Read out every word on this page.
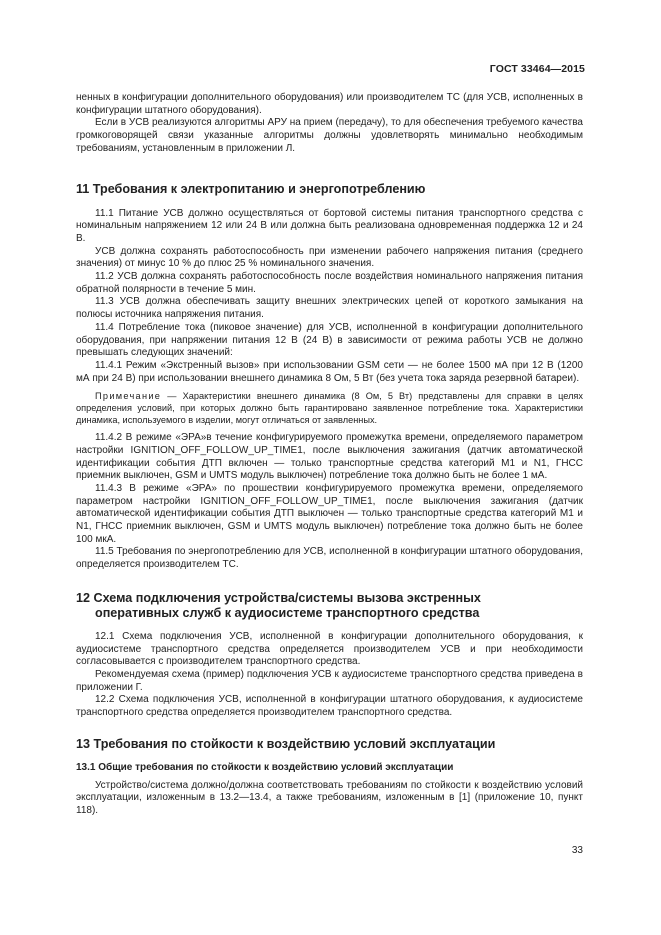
ГОСТ 33464—2015

ненных в конфигурации дополнительного оборудования) или производителем ТС (для УСВ, исполненных в конфигурации штатного оборудования).

Если в УСВ реализуются алгоритмы АРУ на прием (передачу), то для обеспечения требуемого качества громкоговорящей связи указанные алгоритмы должны удовлетворять минимально необходимым требованиям, установленным в приложении Л.

11 Требования к электропитанию и энергопотреблению

11.1 Питание УСВ должно осуществляться от бортовой системы питания транспортного средства с номинальным напряжением 12 или 24 В или должна быть реализована одновременная поддержка 12 и 24 В.

УСВ должна сохранять работоспособность при изменении рабочего напряжения питания (среднего значения) от минус 10 % до плюс 25 % номинального значения.

11.2 УСВ должна сохранять работоспособность после воздействия номинального напряжения питания обратной полярности в течение 5 мин.

11.3 УСВ должна обеспечивать защиту внешних электрических цепей от короткого замыкания на полюсы источника напряжения питания.

11.4 Потребление тока (пиковое значение) для УСВ, исполненной в конфигурации дополнительного оборудования, при напряжении питания 12 В (24 В) в зависимости от режима работы УСВ не должно превышать следующих значений:

11.4.1 Режим «Экстренный вызов» при использовании GSM сети — не более 1500 мА при 12 В (1200 мА при 24 В) при использовании внешнего динамика 8 Ом, 5 Вт (без учета тока заряда резервной батареи).

Примечание — Характеристики внешнего динамика (8 Ом, 5 Вт) представлены для справки в целях определения условий, при которых должно быть гарантировано заявленное потребление тока. Характеристики динамика, используемого в изделии, могут отличаться от заявленных.

11.4.2 В режиме «ЭРА»в течение конфигурируемого промежутка времени, определяемого параметром настройки IGNITION_OFF_FOLLOW_UP_TIME1, после выключения зажигания (датчик автоматической идентификации события ДТП включен — только транспортные средства категорий M1 и N1, ГНСС приемник выключен, GSM и UMTS модуль выключен) потребление тока должно быть не более 1 мА.

11.4.3 В режиме «ЭРА» по прошествии конфигурируемого промежутка времени, определяемого параметром настройки IGNITION_OFF_FOLLOW_UP_TIME1, после выключения зажигания (датчик автоматической идентификации события ДТП выключен — только транспортные средства категорий M1 и N1, ГНСС приемник выключен, GSM и UMTS модуль выключен) потребление тока должно быть не более 100 мкА.

11.5 Требования по энергопотреблению для УСВ, исполненной в конфигурации штатного оборудования, определяется производителем ТС.

12 Схема подключения устройства/системы вызова экстренных
оперативных служб к аудиосистеме транспортного средства

12.1 Схема подключения УСВ, исполненной в конфигурации дополнительного оборудования, к аудиосистеме транспортного средства определяется производителем УСВ и при необходимости согласовывается с производителем транспортного средства.

Рекомендуемая схема (пример) подключения УСВ к аудиосистеме транспортного средства приведена в приложении Г.

12.2 Схема подключения УСВ, исполненной в конфигурации штатного оборудования, к аудиосистеме транспортного средства определяется производителем транспортного средства.

13 Требования по стойкости к воздействию условий эксплуатации
13.1 Общие требования по стойкости к воздействию условий эксплуатации

Устройство/система должно/должна соответствовать требованиям по стойкости к воздействию условий эксплуатации, изложенным в 13.2—13.4, а также требованиям, изложенным в [1] (приложение 10, пункт 118).

33
